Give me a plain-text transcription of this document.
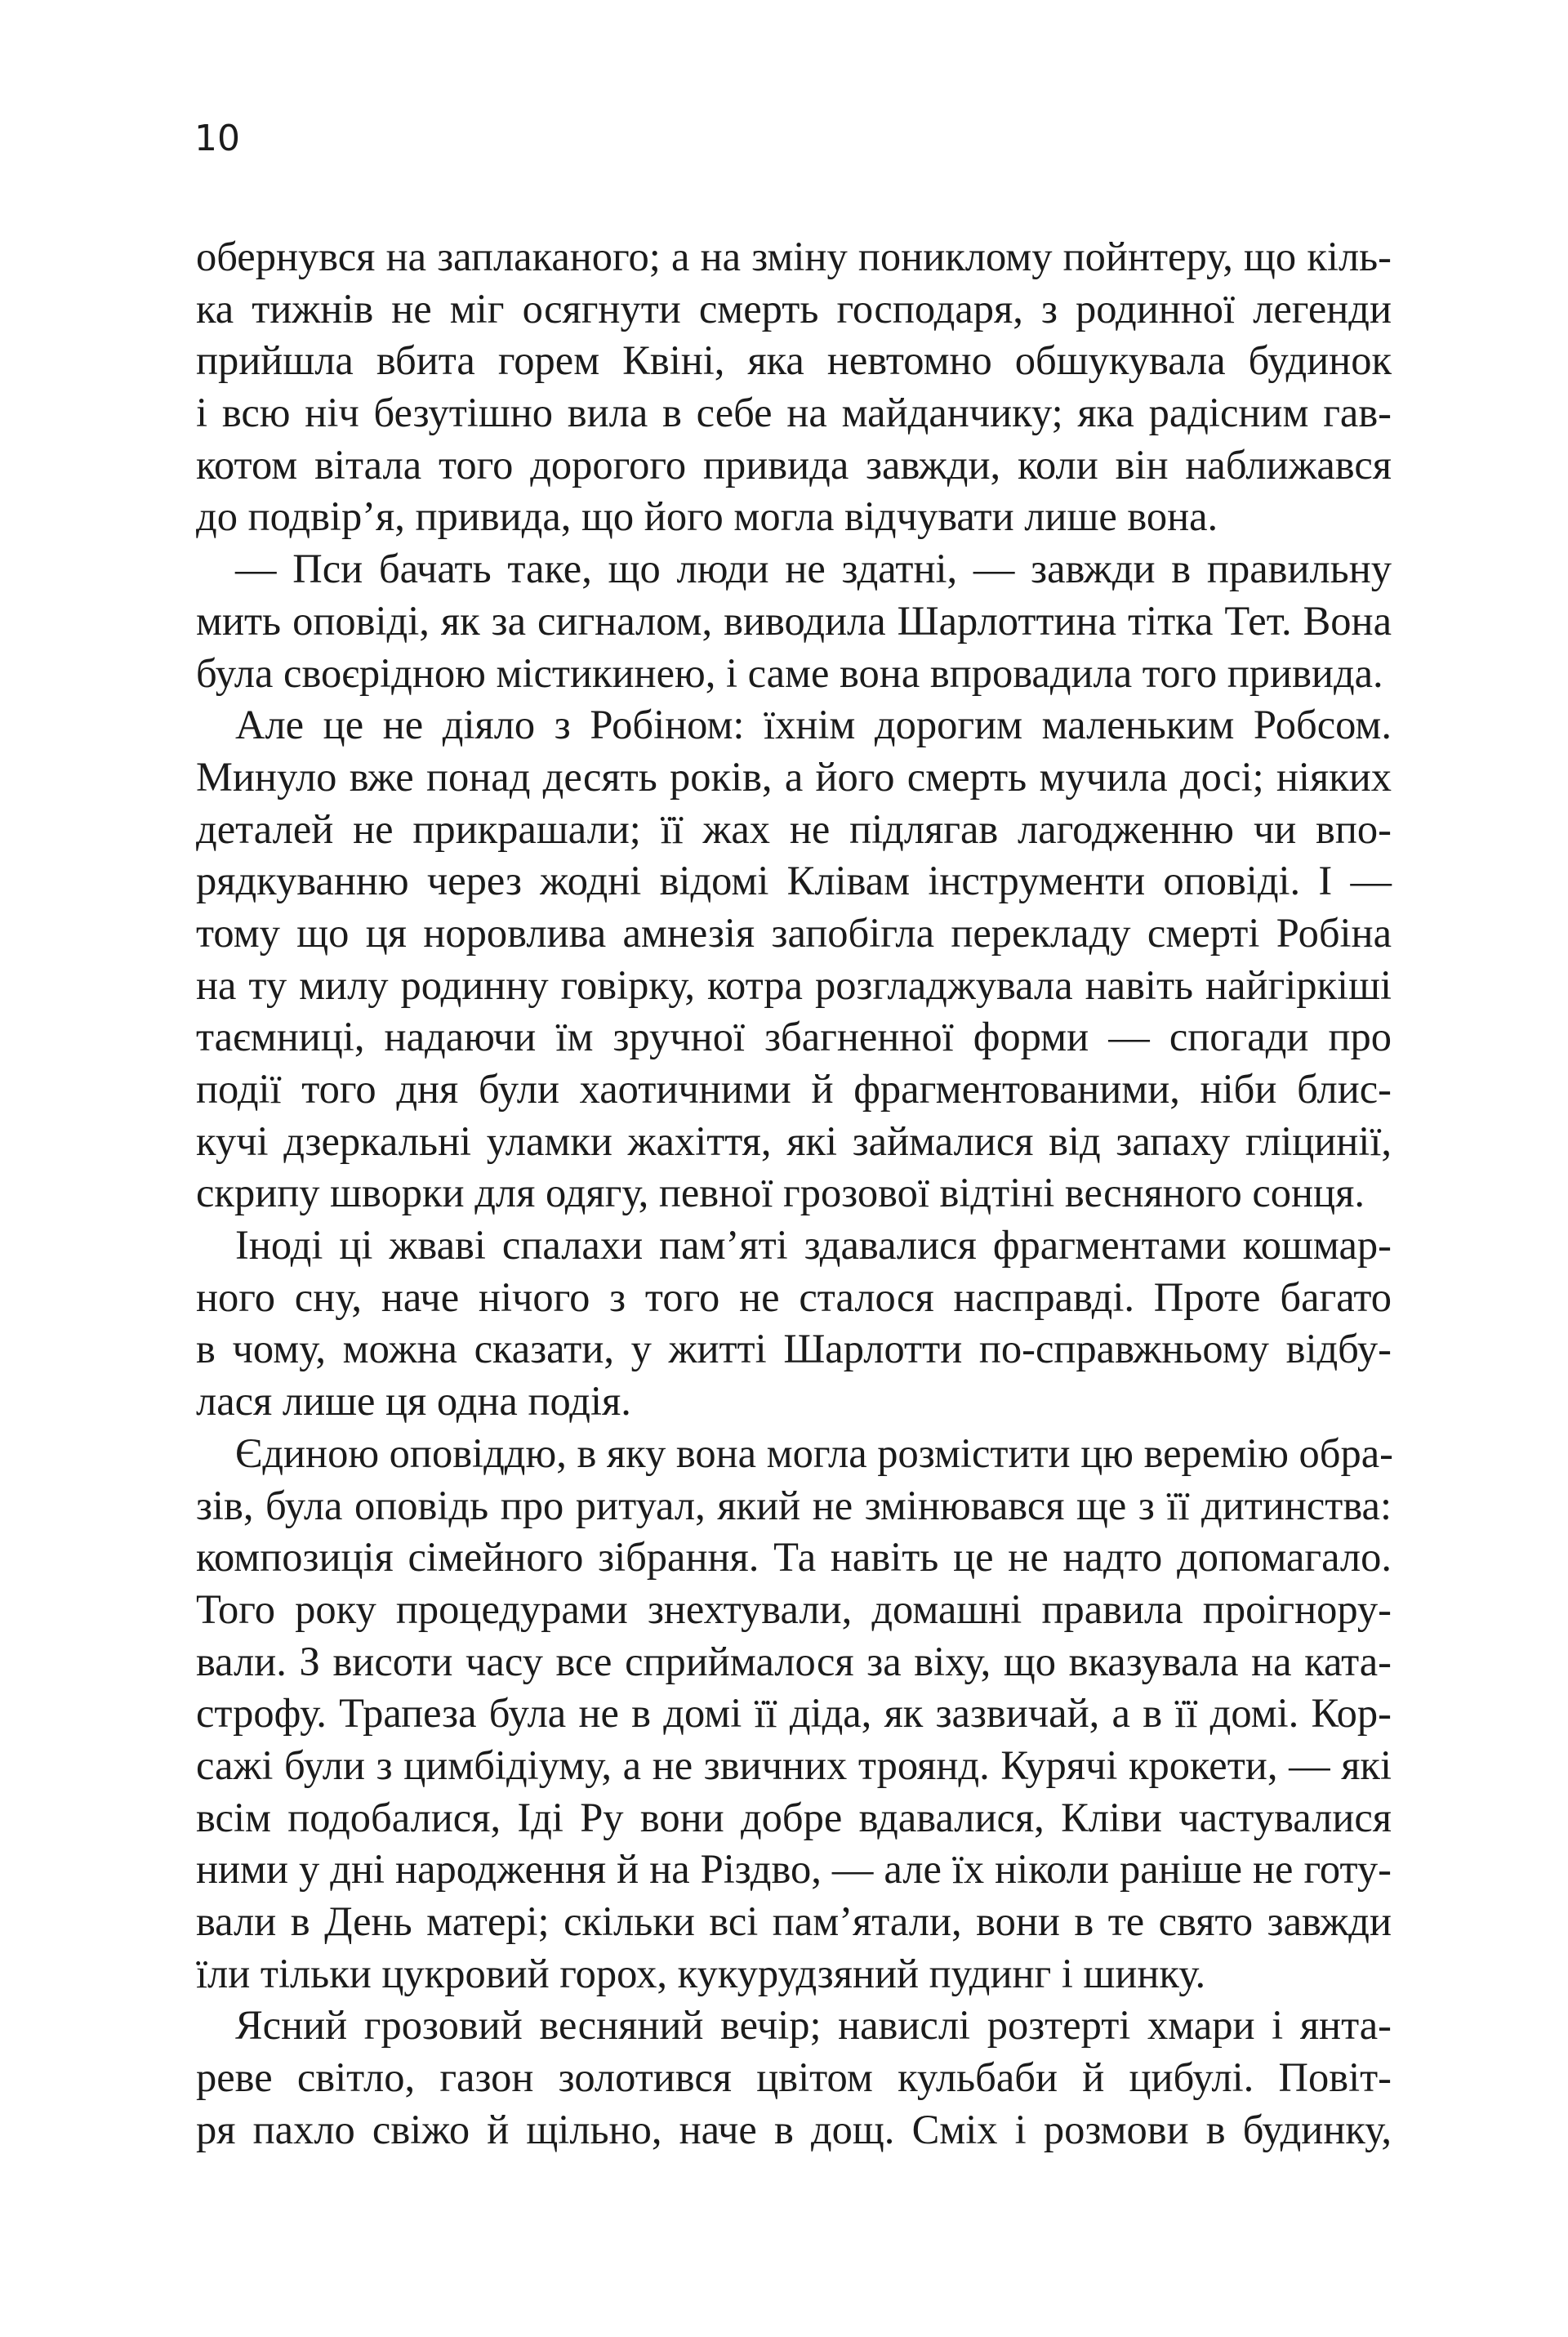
10
обернувся на заплаканого; а на зміну поникломy пойнтеру, що кіль-
ка тижнів не міг осягнути смерть господаря, з родинної легенди
прийшла вбита горем Квіні, яка невтомно обшукувала будинок
і всю ніч безутішно вила в себе на майданчику; яка радісним гав-
котом вітала того дорогого привида завжди, коли він наближався
до подвір’я, привида, що його могла відчувати лише вона.
— Пси бачать таке, що люди не здатні, — завжди в правильну
мить оповіді, як за сигналом, виводила Шарлоттина тітка Тет. Вона
була своєрідною містикинею, і саме вона впровадила того привида.
Але це не діяло з Робіном: їхнім дорогим маленьким Робсом.
Минуло вже понад десять років, а його смерть мучила досі; ніяких
деталей не прикрашали; її жах не підлягав лагодженню чи впо-
рядкуванню через жодні відомі Клівам інструменти оповіді. І —
тому що ця норовлива амнезія запобігла перекладу смерті Робіна
на ту милу родинну говірку, котра розгладжувала навіть найгіркіші
таємниці, надаючи їм зручної збагненної форми — спогади про
події того дня були хаотичними й фрагментованими, ніби блис-
кучі дзеркальні уламки жахіття, які займалися від запаху гліцинії,
скрипу шворки для одягу, певної грозової відтіні весняного сонця.
Іноді ці жваві спалахи пам’яті здавалися фрагментами кошмар-
ного сну, наче нічого з того не сталося насправді. Проте багато
в чому, можна сказати, у житті Шарлотти по-справжньому відбу-
лася лише ця одна подія.
Єдиною оповіддю, в яку вона могла розмістити цю веремію обра-
зів, була оповідь про ритуал, який не змінювався ще з її дитинства:
композиція сімейного зібрання. Та навіть це не надто допомагало.
Того року процедурами знехтували, домашні правила проігнору-
вали. З висоти часу все сприймалося за віху, що вказувала на ката-
строфу. Трапеза була не в домі її діда, як зазвичай, а в її домі. Кор-
сажі були з цимбідіуму, а не звичних троянд. Курячі крокети, — які
всім подобалися, Іді Ру вони добре вдавалися, Кліви частувалися
ними у дні народження й на Різдво, — але їх ніколи раніше не готу-
вали в День матері; скільки всі пам’ятали, вони в те свято завжди
їли тільки цукровий горох, кукурудзяний пудинг і шинку.
Ясний грозовий весняний вечір; навислі розтерті хмари і янта-
реве світло, газон золотився цвітом кульбаби й цибулі. Повіт-
ря пахло свіжо й щільно, наче в дощ. Сміх і розмови в будинку,
